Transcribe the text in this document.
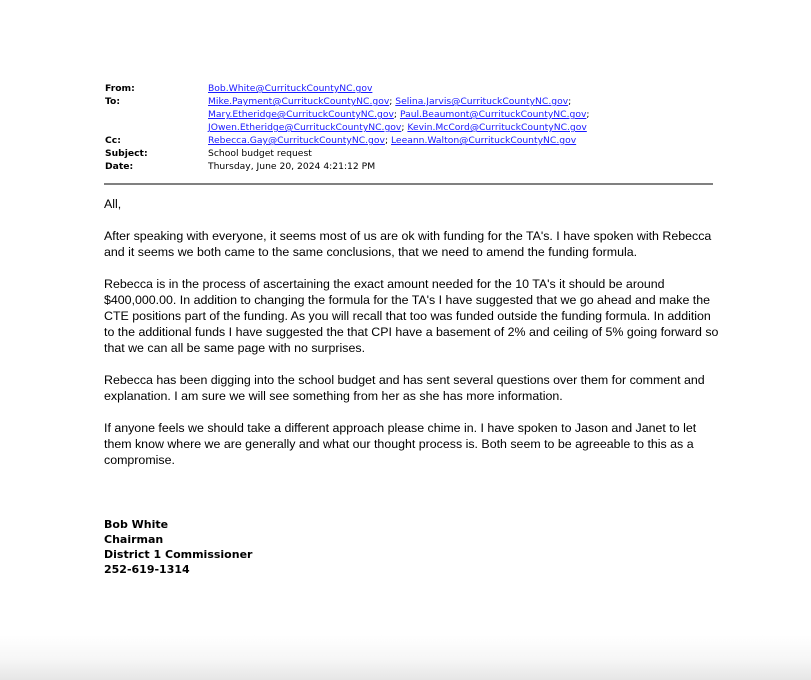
From:	Bob.White@CurrituckCountyNC.gov
To:	Mike.Payment@CurrituckCountyNC.gov; Selina.Jarvis@CurrituckCountyNC.gov;
Mary.Etheridge@CurrituckCountyNC.gov; Paul.Beaumont@CurrituckCountyNC.gov;
JOwen.Etheridge@CurrituckCountyNC.gov; Kevin.McCord@CurrituckCountyNC.gov
Cc:	Rebecca.Gay@CurrituckCountyNC.gov; Leeann.Walton@CurrituckCountyNC.gov
Subject:	School budget request
Date:	Thursday, June 20, 2024 4:21:12 PM

All,

After speaking with everyone, it seems most of us are ok with funding for the TA's. I have spoken with Rebecca and it seems we both came to the same conclusions, that we need to amend the funding formula.

Rebecca is in the process of ascertaining the exact amount needed for the 10 TA's it should be around $400,000.00. In addition to changing the formula for the TA's I have suggested that we go ahead and make the CTE positions part of the funding. As you will recall that too was funded outside the funding formula. In addition to the additional funds I have suggested the that CPI have a basement of 2% and ceiling of 5% going forward so that we can all be same page with no surprises.

Rebecca has been digging into the school budget and has sent several questions over them for comment and explanation. I am sure we will see something from her as she has more information.

If anyone feels we should take a different approach please chime in. I have spoken to Jason and Janet to let them know where we are generally and what our thought process is. Both seem to be agreeable to this as a compromise.

Bob White
Chairman
District 1 Commissioner
252-619-1314
